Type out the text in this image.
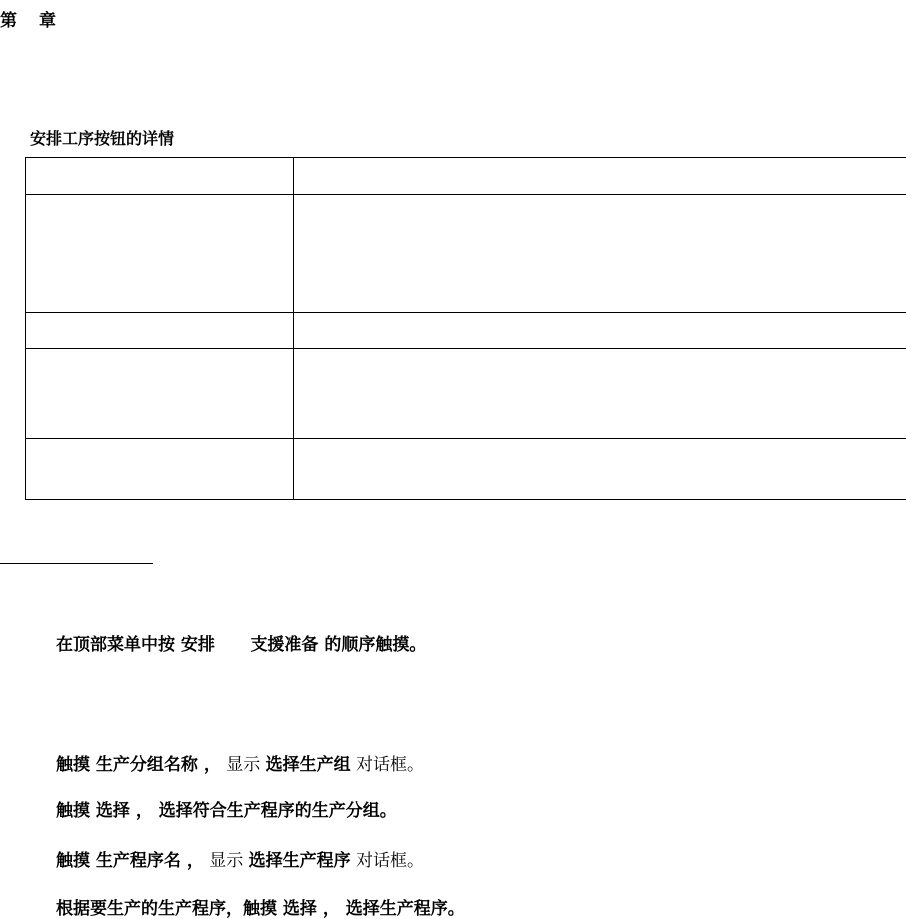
第 章
安排工序按钮的详情

在顶部菜单中按 安排 支援准备 的顺序触摸。
触摸 生产分组名称 ， 显示 选择生产组 对话框。
触摸 选择 ， 选择符合生产程序的生产分组。
触摸 生产程序名 ， 显示 选择生产程序 对话框。
根据要生产的生产程序，触摸 选择 ， 选择生产程序。
